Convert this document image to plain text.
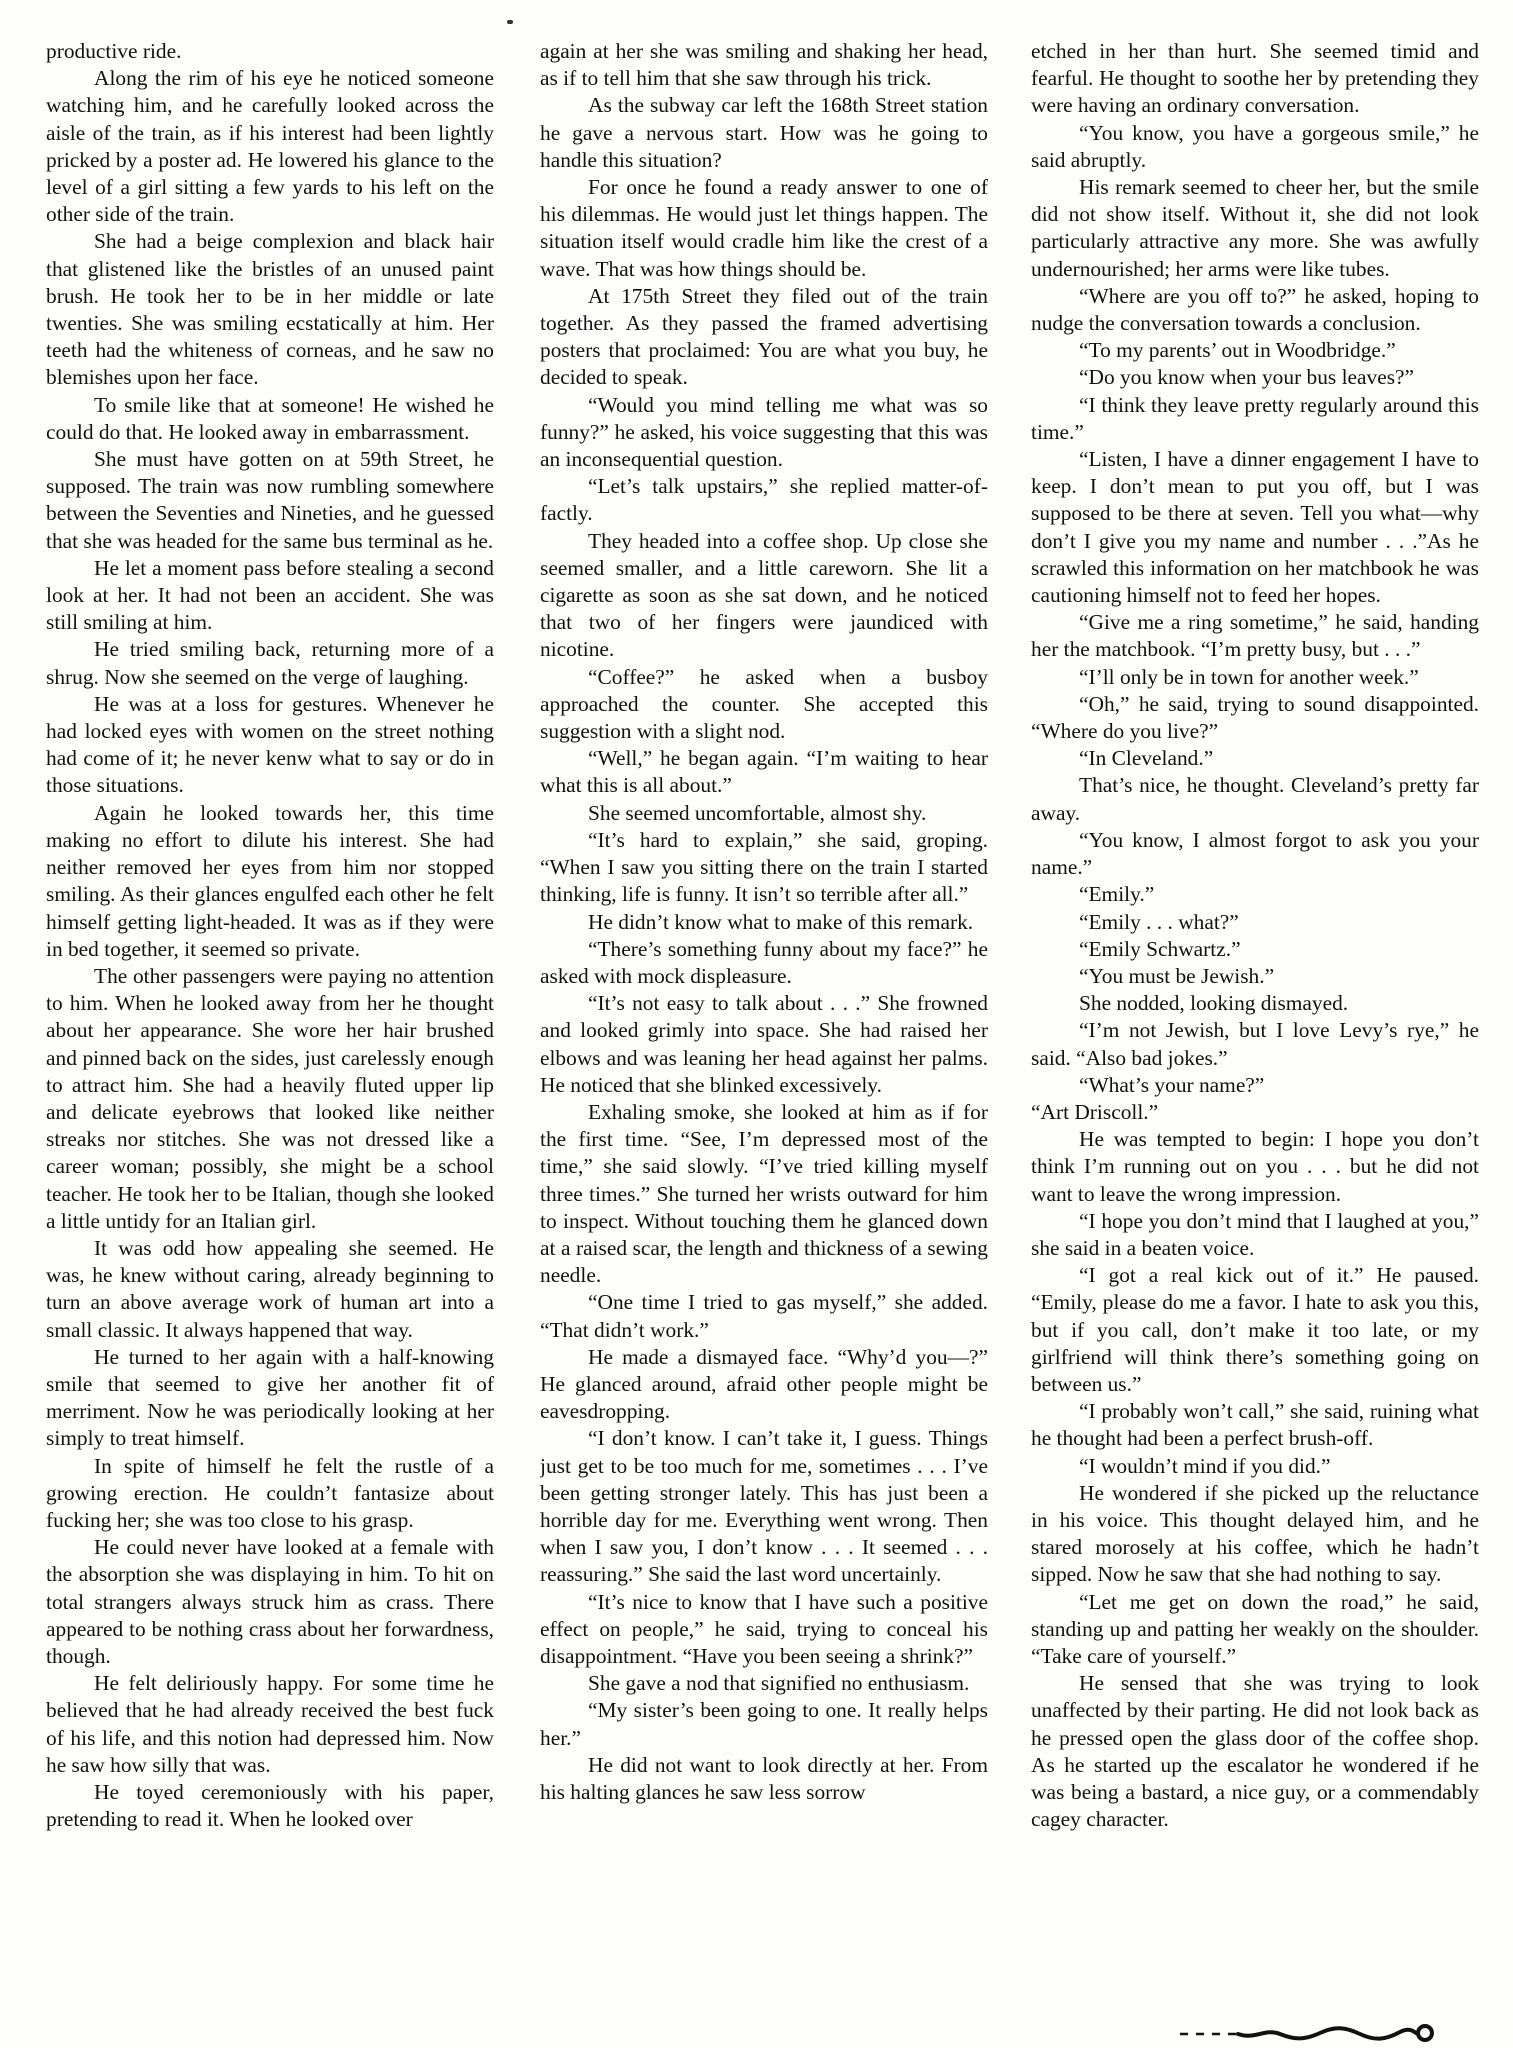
productive ride.

Along the rim of his eye he noticed someone watching him, and he carefully looked across the aisle of the train, as if his interest had been lightly pricked by a poster ad. He lowered his glance to the level of a girl sitting a few yards to his left on the other side of the train.

She had a beige complexion and black hair that glistened like the bristles of an unused paint brush. He took her to be in her middle or late twenties. She was smiling ecstatically at him. Her teeth had the whiteness of corneas, and he saw no blemishes upon her face.

To smile like that at someone! He wished he could do that. He looked away in embarrassment.

She must have gotten on at 59th Street, he supposed. The train was now rumbling somewhere between the Seventies and Nineties, and he guessed that she was headed for the same bus terminal as he.

He let a moment pass before stealing a second look at her. It had not been an accident. She was still smiling at him.

He tried smiling back, returning more of a shrug. Now she seemed on the verge of laughing.

He was at a loss for gestures. Whenever he had locked eyes with women on the street nothing had come of it; he never kenw what to say or do in those situations.

Again he looked towards her, this time making no effort to dilute his interest. She had neither removed her eyes from him nor stopped smiling. As their glances engulfed each other he felt himself getting light-headed. It was as if they were in bed together, it seemed so private.

The other passengers were paying no attention to him. When he looked away from her he thought about her appearance. She wore her hair brushed and pinned back on the sides, just carelessly enough to attract him. She had a heavily fluted upper lip and delicate eyebrows that looked like neither streaks nor stitches. She was not dressed like a career woman; possibly, she might be a school teacher. He took her to be Italian, though she looked a little untidy for an Italian girl.

It was odd how appealing she seemed. He was, he knew without caring, already beginning to turn an above average work of human art into a small classic. It always happened that way.

He turned to her again with a half-knowing smile that seemed to give her another fit of merriment. Now he was periodically looking at her simply to treat himself.

In spite of himself he felt the rustle of a growing erection. He couldn’t fantasize about fucking her; she was too close to his grasp.

He could never have looked at a female with the absorption she was displaying in him. To hit on total strangers always struck him as crass. There appeared to be nothing crass about her forwardness, though.

He felt deliriously happy. For some time he believed that he had already received the best fuck of his life, and this notion had depressed him. Now he saw how silly that was.

He toyed ceremoniously with his paper, pretending to read it. When he looked over

again at her she was smiling and shaking her head, as if to tell him that she saw through his trick.

As the subway car left the 168th Street station he gave a nervous start. How was he going to handle this situation?

For once he found a ready answer to one of his dilemmas. He would just let things happen. The situation itself would cradle him like the crest of a wave. That was how things should be.

At 175th Street they filed out of the train together. As they passed the framed advertising posters that proclaimed: You are what you buy, he decided to speak.

“Would you mind telling me what was so funny?” he asked, his voice suggesting that this was an inconsequential question.

“Let’s talk upstairs,” she replied matter-of-factly.

They headed into a coffee shop. Up close she seemed smaller, and a little careworn. She lit a cigarette as soon as she sat down, and he noticed that two of her fingers were jaundiced with nicotine.

“Coffee?” he asked when a busboy approached the counter. She accepted this suggestion with a slight nod.

“Well,” he began again. “I’m waiting to hear what this is all about.”

She seemed uncomfortable, almost shy.

“It’s hard to explain,” she said, groping. “When I saw you sitting there on the train I started thinking, life is funny. It isn’t so terrible after all.”

He didn’t know what to make of this remark.

“There’s something funny about my face?” he asked with mock displeasure.

“It’s not easy to talk about . . .” She frowned and looked grimly into space. She had raised her elbows and was leaning her head against her palms. He noticed that she blinked excessively.

Exhaling smoke, she looked at him as if for the first time. “See, I’m depressed most of the time,” she said slowly. “I’ve tried killing myself three times.” She turned her wrists outward for him to inspect. Without touching them he glanced down at a raised scar, the length and thickness of a sewing needle.

“One time I tried to gas myself,” she added. “That didn’t work.”

He made a dismayed face. “Why’d you—?” He glanced around, afraid other people might be eavesdropping.

“I don’t know. I can’t take it, I guess. Things just get to be too much for me, sometimes . . . I’ve been getting stronger lately. This has just been a horrible day for me. Everything went wrong. Then when I saw you, I don’t know . . . It seemed . . . reassuring.” She said the last word uncertainly.

“It’s nice to know that I have such a positive effect on people,” he said, trying to conceal his disappointment. “Have you been seeing a shrink?”

She gave a nod that signified no enthusiasm.

“My sister’s been going to one. It really helps her.”

He did not want to look directly at her. From his halting glances he saw less sorrow

etched in her than hurt. She seemed timid and fearful. He thought to soothe her by pretending they were having an ordinary conversation.

“You know, you have a gorgeous smile,” he said abruptly.

His remark seemed to cheer her, but the smile did not show itself. Without it, she did not look particularly attractive any more. She was awfully undernourished; her arms were like tubes.

“Where are you off to?” he asked, hoping to nudge the conversation towards a conclusion.

“To my parents’ out in Woodbridge.”

“Do you know when your bus leaves?”

“I think they leave pretty regularly around this time.”

“Listen, I have a dinner engagement I have to keep. I don’t mean to put you off, but I was supposed to be there at seven. Tell you what—why don’t I give you my name and number . . .”As he scrawled this information on her matchbook he was cautioning himself not to feed her hopes.

“Give me a ring sometime,” he said, handing her the matchbook. “I’m pretty busy, but . . .”

“I’ll only be in town for another week.”

“Oh,” he said, trying to sound disappointed. “Where do you live?”

“In Cleveland.”

That’s nice, he thought. Cleveland’s pretty far away.

“You know, I almost forgot to ask you your name.”

“Emily.”

“Emily . . . what?”

“Emily Schwartz.”

“You must be Jewish.”

She nodded, looking dismayed.

“I’m not Jewish, but I love Levy’s rye,” he said. “Also bad jokes.”

“What’s your name?”

“Art Driscoll.”

He was tempted to begin: I hope you don’t think I’m running out on you . . . but he did not want to leave the wrong impression.

“I hope you don’t mind that I laughed at you,” she said in a beaten voice.

“I got a real kick out of it.” He paused. “Emily, please do me a favor. I hate to ask you this, but if you call, don’t make it too late, or my girlfriend will think there’s something going on between us.”

“I probably won’t call,” she said, ruining what he thought had been a perfect brush-off.

“I wouldn’t mind if you did.”

He wondered if she picked up the reluctance in his voice. This thought delayed him, and he stared morosely at his coffee, which he hadn’t sipped. Now he saw that she had nothing to say.

“Let me get on down the road,” he said, standing up and patting her weakly on the shoulder. “Take care of yourself.”

He sensed that she was trying to look unaffected by their parting. He did not look back as he pressed open the glass door of the coffee shop. As he started up the escalator he wondered if he was being a bastard, a nice guy, or a commendably cagey character.
